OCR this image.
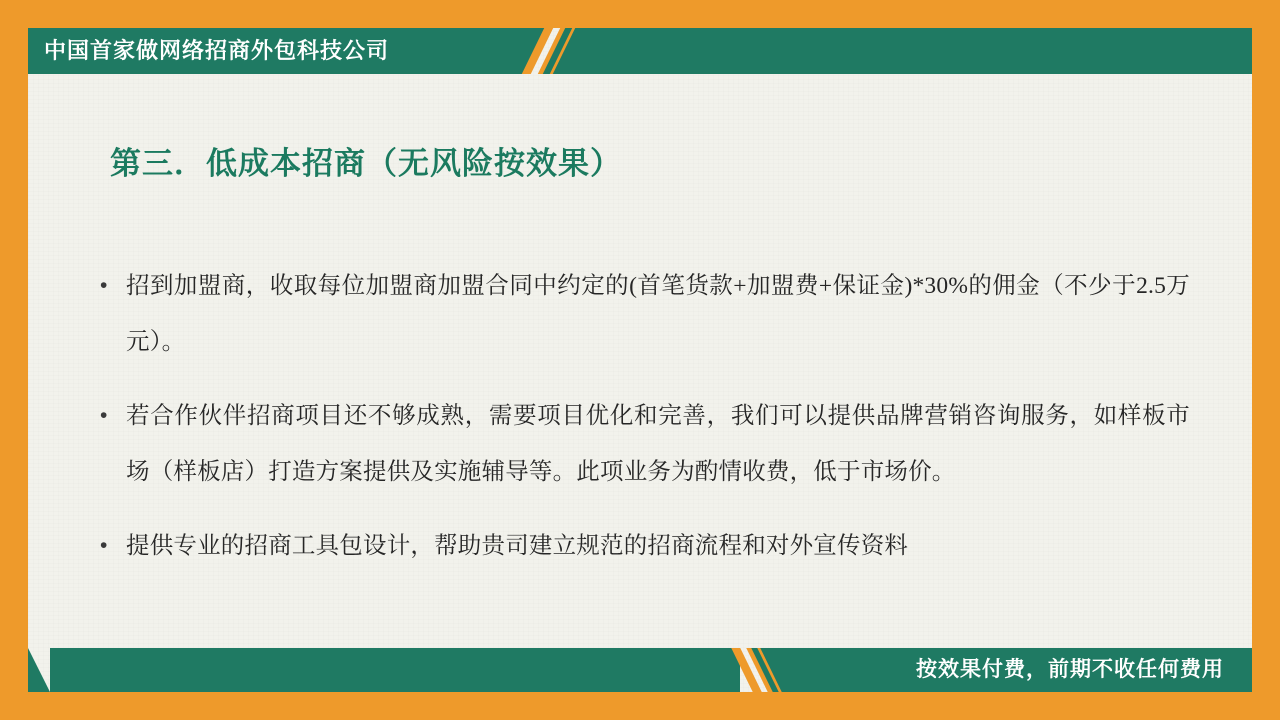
中国首家做网络招商外包科技公司
第三．低成本招商（无风险按效果）
• 招到加盟商，收取每位加盟商加盟合同中约定的(首笔货款+加盟费+保证金)*30%的佣金（不少于2.5万元）。
• 若合作伙伴招商项目还不够成熟，需要项目优化和完善，我们可以提供品牌营销咨询服务，如样板市场（样板店）打造方案提供及实施辅导等。此项业务为酌情收费，低于市场价。
• 提供专业的招商工具包设计，帮助贵司建立规范的招商流程和对外宣传资料
按效果付费，前期不收任何费用
